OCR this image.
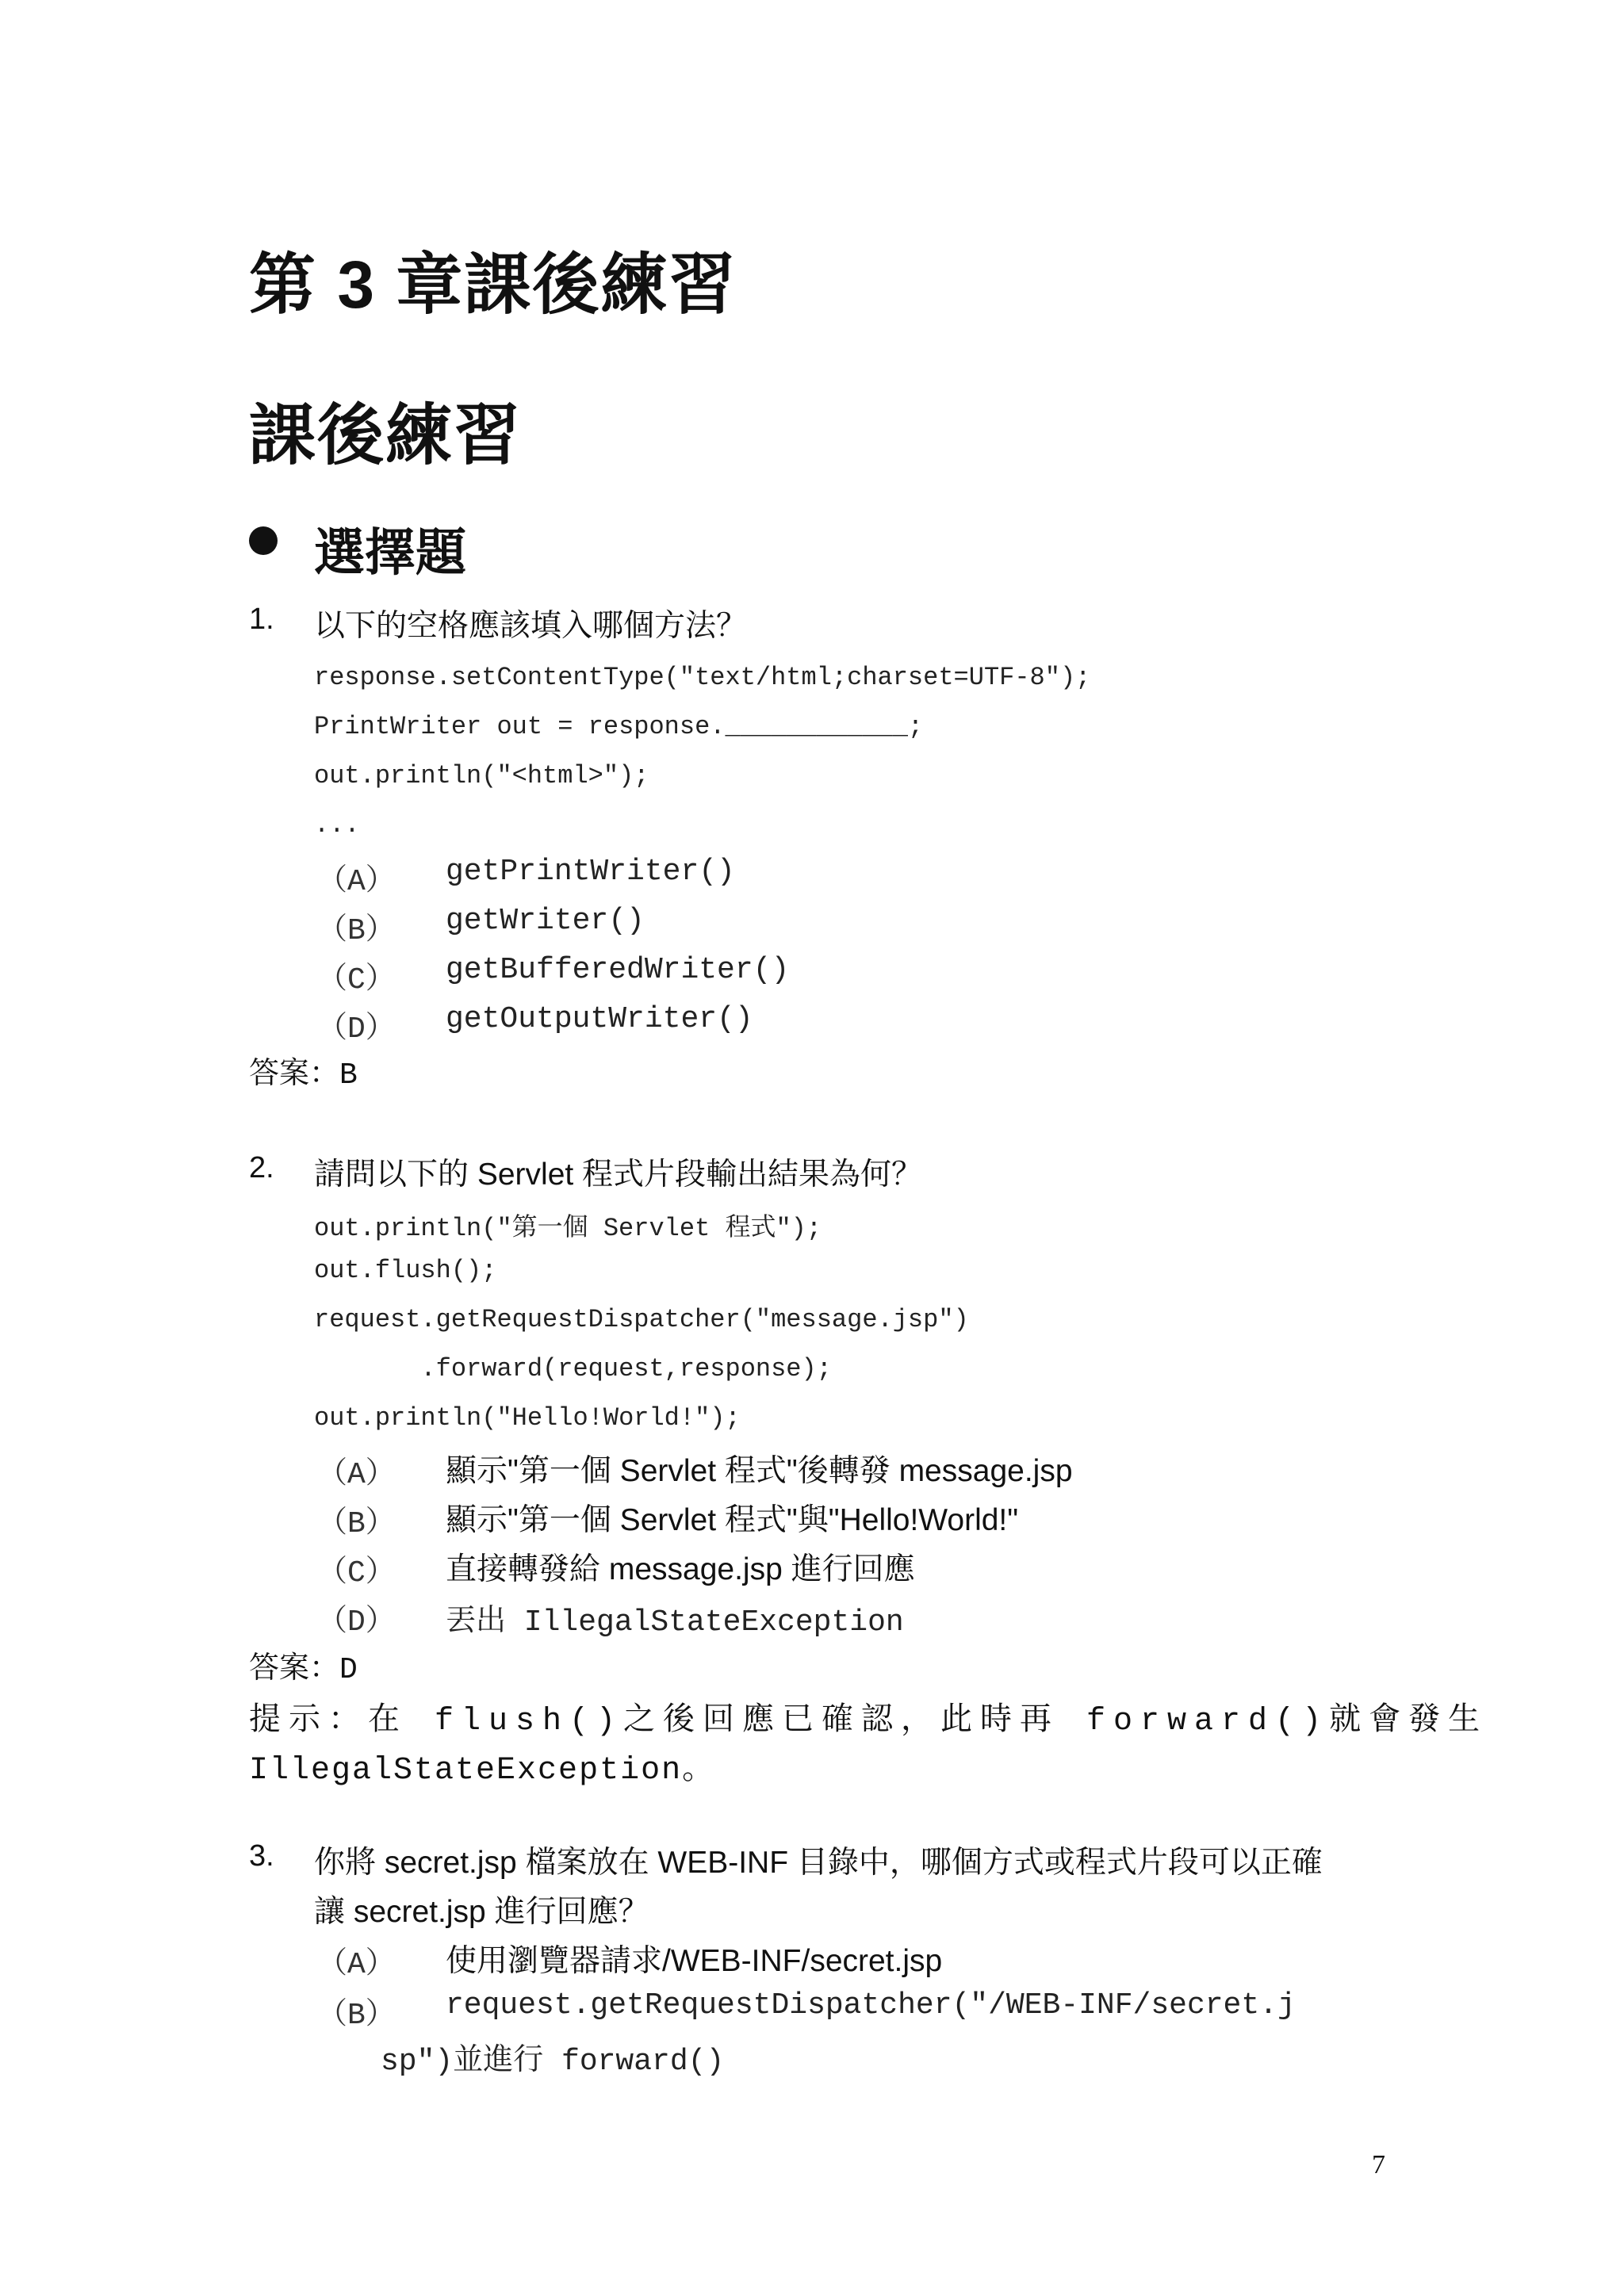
第 3 章課後練習
課後練習
選擇題
1. 以下的空格應該填入哪個方法？
response.setContentType("text/html;charset=UTF-8");
PrintWriter out = response.____________;
out.println("<html>");
...
（A） getPrintWriter()
（B） getWriter()
（C） getBufferedWriter()
（D） getOutputWriter()
答案：B
2. 請問以下的 Servlet 程式片段輸出結果為何？
out.println("第一個 Servlet 程式");
out.flush();
request.getRequestDispatcher("message.jsp")
.forward(request,response);
out.println("Hello!World!");
（A） 顯示"第一個 Servlet 程式"後轉發 message.jsp
（B） 顯示"第一個 Servlet 程式"與"Hello!World!"
（C） 直接轉發給 message.jsp 進行回應
（D） 丟出 IllegalStateException
答案：D
提示：在 flush()之後回應已確認，此時再 forward()就會發生
IllegalStateException。
3. 你將 secret.jsp 檔案放在 WEB-INF 目錄中，哪個方式或程式片段可以正確
讓 secret.jsp 進行回應？
（A） 使用瀏覽器請求/WEB-INF/secret.jsp
（B） request.getRequestDispatcher("/WEB-INF/secret.j
sp")並進行 forward()
7
